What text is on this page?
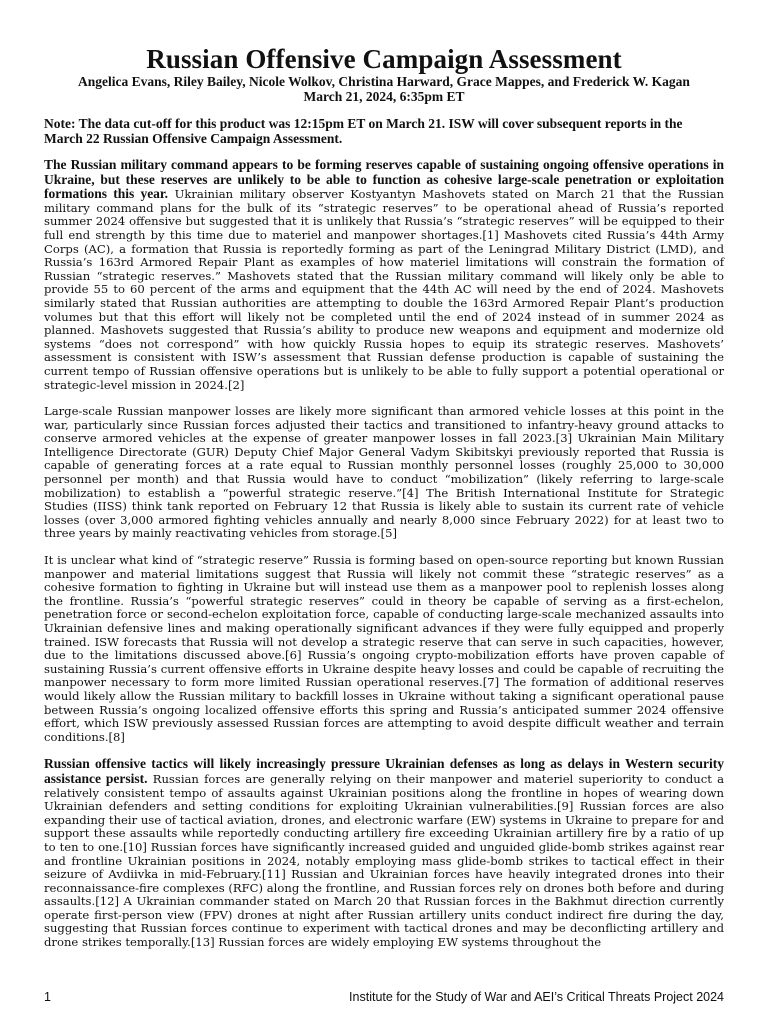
Russian Offensive Campaign Assessment
Angelica Evans, Riley Bailey, Nicole Wolkov, Christina Harward, Grace Mappes, and Frederick W. Kagan
March 21, 2024, 6:35pm ET
Note: The data cut-off for this product was 12:15pm ET on March 21. ISW will cover subsequent reports in the March 22 Russian Offensive Campaign Assessment.

The Russian military command appears to be forming reserves capable of sustaining ongoing offensive operations in Ukraine, but these reserves are unlikely to be able to function as cohesive large-scale penetration or exploitation formations this year. Ukrainian military observer Kostyantyn Mashovets stated on March 21 that the Russian military command plans for the bulk of its “strategic reserves” to be operational ahead of Russia’s reported summer 2024 offensive but suggested that it is unlikely that Russia’s “strategic reserves” will be equipped to their full end strength by this time due to materiel and manpower shortages.[1] Mashovets cited Russia’s 44th Army Corps (AC), a formation that Russia is reportedly forming as part of the Leningrad Military District (LMD), and Russia’s 163rd Armored Repair Plant as examples of how materiel limitations will constrain the formation of Russian “strategic reserves.” Mashovets stated that the Russian military command will likely only be able to provide 55 to 60 percent of the arms and equipment that the 44th AC will need by the end of 2024. Mashovets similarly stated that Russian authorities are attempting to double the 163rd Armored Repair Plant’s production volumes but that this effort will likely not be completed until the end of 2024 instead of in summer 2024 as planned. Mashovets suggested that Russia’s ability to produce new weapons and equipment and modernize old systems “does not correspond” with how quickly Russia hopes to equip its strategic reserves. Mashovets’ assessment is consistent with ISW’s assessment that Russian defense production is capable of sustaining the current tempo of Russian offensive operations but is unlikely to be able to fully support a potential operational or strategic-level mission in 2024.[2]

Large-scale Russian manpower losses are likely more significant than armored vehicle losses at this point in the war, particularly since Russian forces adjusted their tactics and transitioned to infantry-heavy ground attacks to conserve armored vehicles at the expense of greater manpower losses in fall 2023.[3] Ukrainian Main Military Intelligence Directorate (GUR) Deputy Chief Major General Vadym Skibitskyi previously reported that Russia is capable of generating forces at a rate equal to Russian monthly personnel losses (roughly 25,000 to 30,000 personnel per month) and that Russia would have to conduct “mobilization” (likely referring to large-scale mobilization) to establish a “powerful strategic reserve.”[4] The British International Institute for Strategic Studies (IISS) think tank reported on February 12 that Russia is likely able to sustain its current rate of vehicle losses (over 3,000 armored fighting vehicles annually and nearly 8,000 since February 2022) for at least two to three years by mainly reactivating vehicles from storage.[5]

It is unclear what kind of “strategic reserve” Russia is forming based on open-source reporting but known Russian manpower and material limitations suggest that Russia will likely not commit these “strategic reserves” as a cohesive formation to fighting in Ukraine but will instead use them as a manpower pool to replenish losses along the frontline. Russia’s “powerful strategic reserves” could in theory be capable of serving as a first-echelon, penetration force or second-echelon exploitation force, capable of conducting large-scale mechanized assaults into Ukrainian defensive lines and making operationally significant advances if they were fully equipped and properly trained. ISW forecasts that Russia will not develop a strategic reserve that can serve in such capacities, however, due to the limitations discussed above.[6] Russia’s ongoing crypto-mobilization efforts have proven capable of sustaining Russia’s current offensive efforts in Ukraine despite heavy losses and could be capable of recruiting the manpower necessary to form more limited Russian operational reserves.[7] The formation of additional reserves would likely allow the Russian military to backfill losses in Ukraine without taking a significant operational pause between Russia’s ongoing localized offensive efforts this spring and Russia’s anticipated summer 2024 offensive effort, which ISW previously assessed Russian forces are attempting to avoid despite difficult weather and terrain conditions.[8]

Russian offensive tactics will likely increasingly pressure Ukrainian defenses as long as delays in Western security assistance persist. Russian forces are generally relying on their manpower and materiel superiority to conduct a relatively consistent tempo of assaults against Ukrainian positions along the frontline in hopes of wearing down Ukrainian defenders and setting conditions for exploiting Ukrainian vulnerabilities.[9] Russian forces are also expanding their use of tactical aviation, drones, and electronic warfare (EW) systems in Ukraine to prepare for and support these assaults while reportedly conducting artillery fire exceeding Ukrainian artillery fire by a ratio of up to ten to one.[10] Russian forces have significantly increased guided and unguided glide-bomb strikes against rear and frontline Ukrainian positions in 2024, notably employing mass glide-bomb strikes to tactical effect in their seizure of Avdiivka in mid-February.[11] Russian and Ukrainian forces have heavily integrated drones into their reconnaissance-fire complexes (RFC) along the frontline, and Russian forces rely on drones both before and during assaults.[12] A Ukrainian commander stated on March 20 that Russian forces in the Bakhmut direction currently operate first-person view (FPV) drones at night after Russian artillery units conduct indirect fire during the day, suggesting that Russian forces continue to experiment with tactical drones and may be deconflicting artillery and drone strikes temporally.[13] Russian forces are widely employing EW systems throughout the

1	Institute for the Study of War and AEI’s Critical Threats Project 2024
